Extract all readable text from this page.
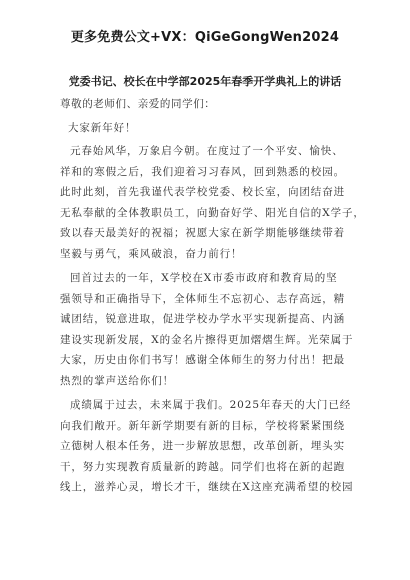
更多免费公文+VX：QiGeGongWen2024
党委书记、校长在中学部2025年春季开学典礼上的讲话
尊敬的老师们、亲爱的同学们：
大家新年好！
元春始风华，万象启今朝。在度过了一个平安、愉快、
祥和的寒假之后，我们迎着习习春风，回到熟悉的校园。
此时此刻，首先我谨代表学校党委、校长室，向团结奋进
无私奉献的全体教职员工，向勤奋好学、阳光自信的X学子，
致以春天最美好的祝福；祝愿大家在新学期能够继续带着
坚毅与勇气，乘风破浪，奋力前行！
回首过去的一年，X学校在X市委市政府和教育局的坚
强领导和正确指导下，全体师生不忘初心、志存高远，精
诚团结，锐意进取，促进学校办学水平实现新提高、内涵
建设实现新发展，X的金名片擦得更加熠熠生辉。光荣属于
大家，历史由你们书写！感谢全体师生的努力付出！把最
热烈的掌声送给你们！
成绩属于过去，未来属于我们。2025年春天的大门已经
向我们敞开。新年新学期要有新的目标，学校将紧紧围绕
立德树人根本任务，进一步解放思想，改革创新，埋头实
干，努力实现教育质量新的跨越。同学们也将在新的起跑
线上，滋养心灵，增长才干，继续在X这座充满希望的校园
